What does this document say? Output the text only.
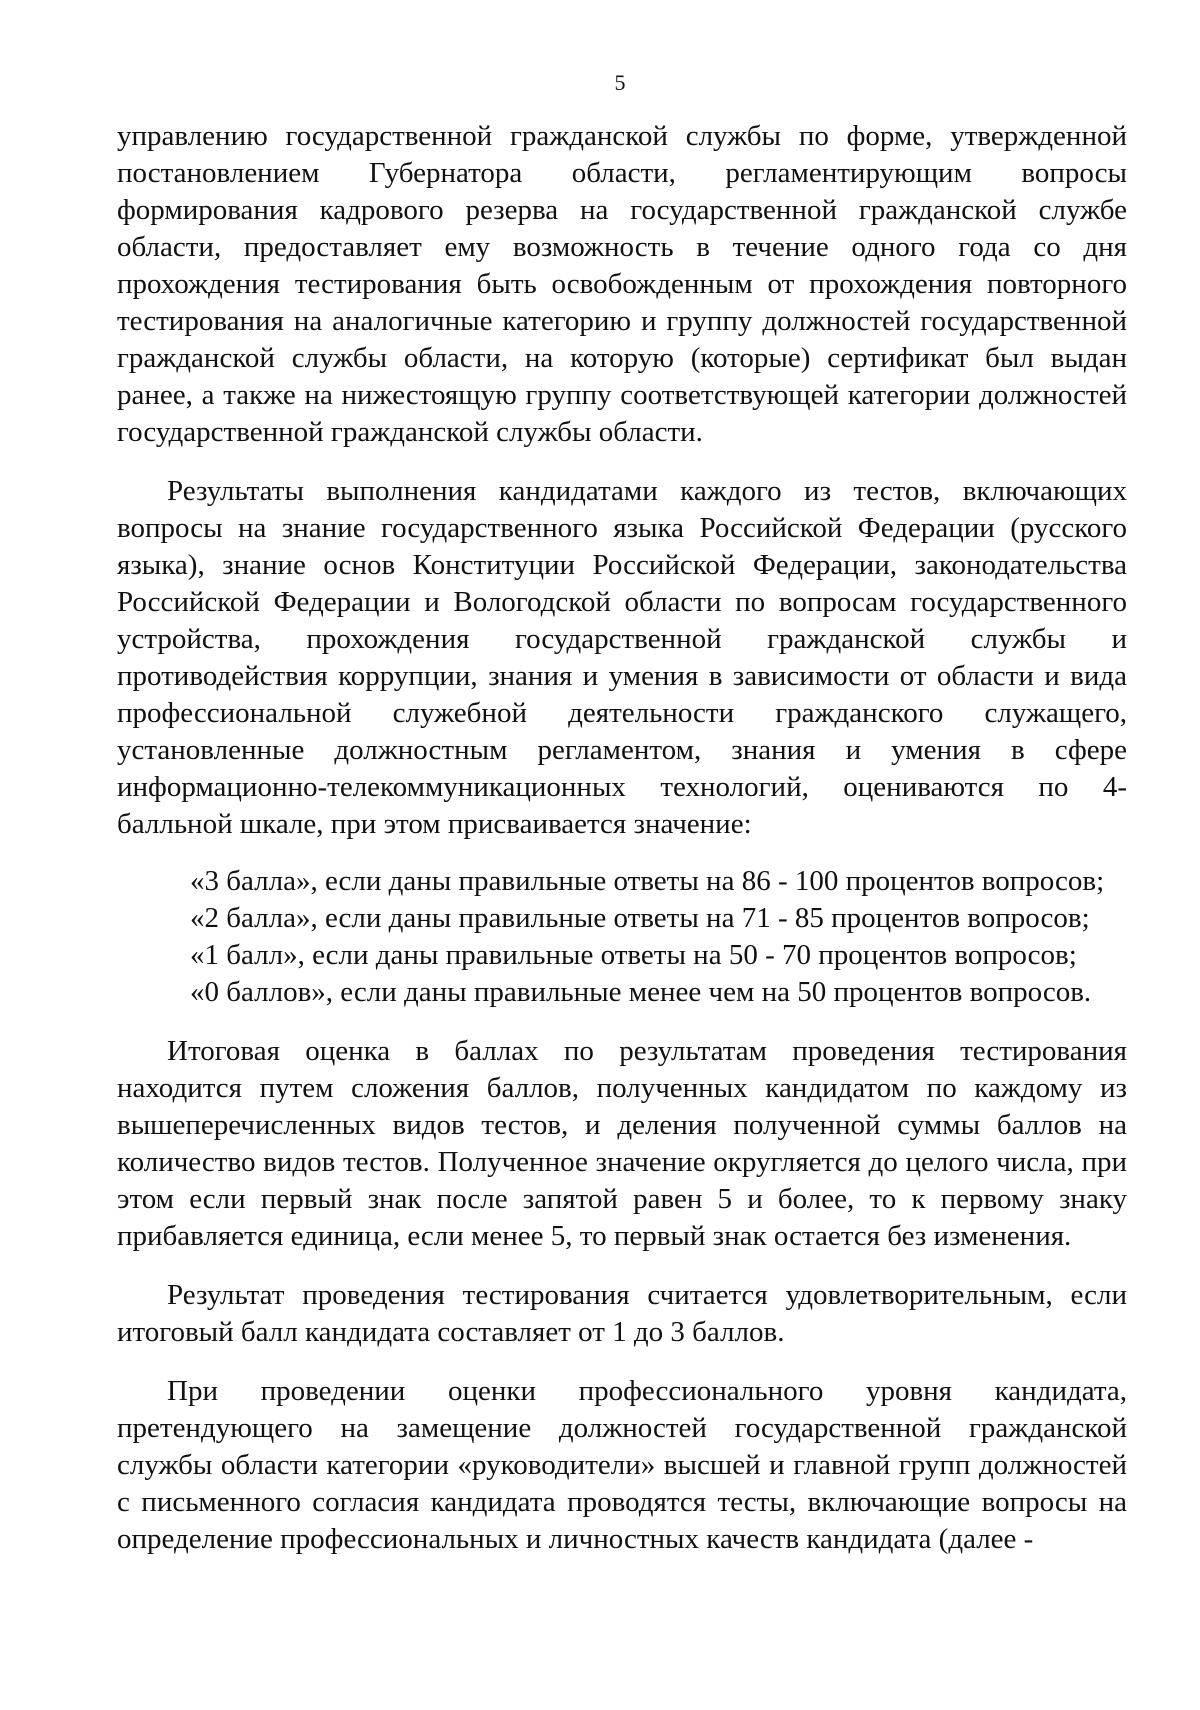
5

управлению государственной гражданской службы по форме, утвержденной постановлением Губернатора области, регламентирующим вопросы формирования кадрового резерва на государственной гражданской службе области, предоставляет ему возможность в течение одного года со дня прохождения тестирования быть освобожденным от прохождения повторного тестирования на аналогичные категорию и группу должностей государственной гражданской службы области, на которую (которые) сертификат был выдан ранее, а также на нижестоящую группу соответствующей категории должностей государственной гражданской службы области.

Результаты выполнения кандидатами каждого из тестов, включающих вопросы на знание государственного языка Российской Федерации (русского языка), знание основ Конституции Российской Федерации, законодательства Российской Федерации и Вологодской области по вопросам государственного устройства, прохождения государственной гражданской службы и противодействия коррупции, знания и умения в зависимости от области и вида профессиональной служебной деятельности гражданского служащего, установленные должностным регламентом, знания и умения в сфере информационно-телекоммуникационных технологий, оцениваются по 4-балльной шкале, при этом присваивается значение:

«3 балла», если даны правильные ответы на 86 - 100 процентов вопросов;
«2 балла», если даны правильные ответы на 71 - 85 процентов вопросов;
«1 балл», если даны правильные ответы на 50 - 70 процентов вопросов;
«0 баллов», если даны правильные менее чем на 50 процентов вопросов.

Итоговая оценка в баллах по результатам проведения тестирования находится путем сложения баллов, полученных кандидатом по каждому из вышеперечисленных видов тестов, и деления полученной суммы баллов на количество видов тестов. Полученное значение округляется до целого числа, при этом если первый знак после запятой равен 5 и более, то к первому знаку прибавляется единица, если менее 5, то первый знак остается без изменения.

Результат проведения тестирования считается удовлетворительным, если итоговый балл кандидата составляет от 1 до 3 баллов.

При проведении оценки профессионального уровня кандидата, претендующего на замещение должностей государственной гражданской службы области категории «руководители» высшей и главной групп должностей с письменного согласия кандидата проводятся тесты, включающие вопросы на определение профессиональных и личностных качеств кандидата (далее -
